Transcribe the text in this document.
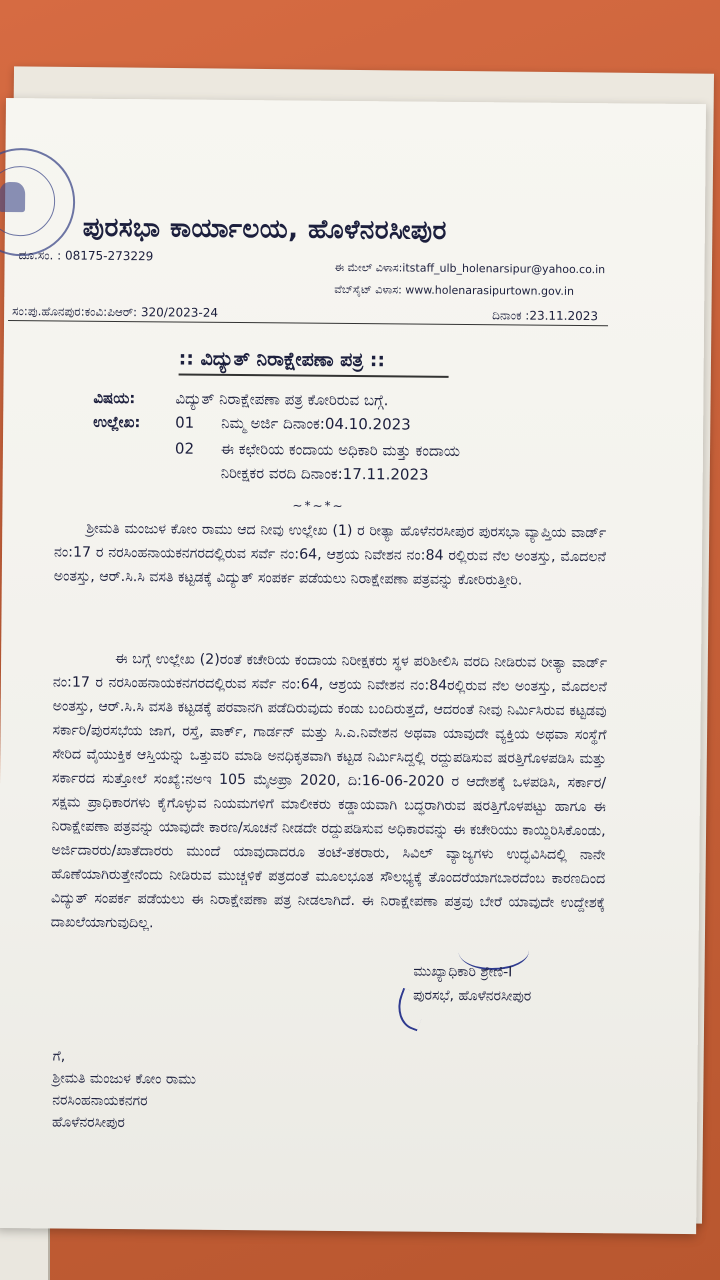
ಪುರಸಭಾ ಕಾರ್ಯಾಲಯ, ಹೊಳೆನರಸೀಪುರ
ದೂ.ಸಂ. : 08175-273229
ಈ ಮೇಲ್ ವಿಳಾಸ:itstaff_ulb_holenarsipur@yahoo.co.in
ವೆಬ್‌ಸೈಟ್ ವಿಳಾಸ: www.holenarasipurtown.gov.in
ಸಂ:ಪು.ಹೊನಪುರ:ಕಂವಿ:ಪಿಆರ್: 320/2023-24	ದಿನಾಂಕ :23.11.2023
:: ವಿದ್ಯುತ್ ನಿರಾಕ್ಷೇಪಣಾ ಪತ್ರ ::
ವಿಷಯ:	ವಿದ್ಯುತ್ ನಿರಾಕ್ಷೇಪಣಾ ಪತ್ರ ಕೋರಿರುವ ಬಗ್ಗೆ.
ಉಲ್ಲೇಖ: 01 ನಿಮ್ಮ ಅರ್ಜಿ ದಿನಾಂಕ:04.10.2023
02 ಈ ಕಛೇರಿಯ ಕಂದಾಯ ಅಧಿಕಾರಿ ಮತ್ತು ಕಂದಾಯ
ನಿರೀಕ್ಷಕರ ವರದಿ ದಿನಾಂಕ:17.11.2023
~*~*~
ಶ್ರೀಮತಿ ಮಂಜುಳ ಕೋಂ ರಾಮು ಆದ ನೀವು ಉಲ್ಲೇಖ (1) ರ ರೀತ್ಯಾ ಹೊಳೆನರಸೀಪುರ ಪುರಸಭಾ ವ್ಯಾಪ್ತಿಯ ವಾರ್ಡ್ ನಂ:17 ರ ನರಸಿಂಹನಾಯಕನಗರದಲ್ಲಿರುವ ಸರ್ವೆ ನಂ:64, ಆಶ್ರಯ ನಿವೇಶನ ನಂ:84 ರಲ್ಲಿರುವ ನೆಲ ಅಂತಸ್ತು, ಮೊದಲನೆ ಅಂತಸ್ತು, ಆರ್.ಸಿ.ಸಿ ವಸತಿ ಕಟ್ಟಡಕ್ಕೆ ವಿದ್ಯುತ್ ಸಂಪರ್ಕ ಪಡೆಯಲು ನಿರಾಕ್ಷೇಪಣಾ ಪತ್ರವನ್ನು ಕೋರಿರುತ್ತೀರಿ.
ಈ ಬಗ್ಗೆ ಉಲ್ಲೇಖ (2)ರಂತೆ ಕಚೇರಿಯ ಕಂದಾಯ ನಿರೀಕ್ಷಕರು ಸ್ಥಳ ಪರಿಶೀಲಿಸಿ ವರದಿ ನೀಡಿರುವ ರೀತ್ಯಾ ವಾರ್ಡ್ ನಂ:17 ರ ನರಸಿಂಹನಾಯಕನಗರದಲ್ಲಿರುವ ಸರ್ವೆ ನಂ:64, ಆಶ್ರಯ ನಿವೇಶನ ನಂ:84ರಲ್ಲಿರುವ ನೆಲ ಅಂತಸ್ತು, ಮೊದಲನೆ ಅಂತಸ್ತು, ಆರ್.ಸಿ.ಸಿ ವಸತಿ ಕಟ್ಟಡಕ್ಕೆ ಪರವಾನಗಿ ಪಡೆದಿರುವುದು ಕಂಡು ಬಂದಿರುತ್ತದೆ, ಆದರಂತೆ ನೀವು ನಿರ್ಮಿಸಿರುವ ಕಟ್ಟಡವು ಸರ್ಕಾರಿ/ಪುರಸಭೆಯ ಜಾಗ, ರಸ್ತೆ, ಪಾರ್ಕ್, ಗಾರ್ಡನ್ ಮತ್ತು ಸಿ.ಎ.ನಿವೇಶನ ಅಥವಾ ಯಾವುದೇ ವ್ಯಕ್ತಿಯ ಅಥವಾ ಸಂಸ್ಥೆಗೆ ಸೇರಿದ ವೈಯುಕ್ತಿಕ ಆಸ್ತಿಯನ್ನು ಒತ್ತುವರಿ ಮಾಡಿ ಅನಧಿಕೃತವಾಗಿ ಕಟ್ಟಡ ನಿರ್ಮಿಸಿದ್ದಲ್ಲಿ ರದ್ದುಪಡಿಸುವ ಷರತ್ತಿಗೊಳಪಡಿಸಿ ಮತ್ತು ಸರ್ಕಾರದ ಸುತ್ತೋಲೆ ಸಂಖ್ಯೆ:ನಅಇ 105 ಮೈಅಪ್ರಾ 2020, ದಿ:16-06-2020 ರ ಆದೇಶಕ್ಕೆ ಒಳಪಡಿಸಿ, ಸರ್ಕಾರ/ಸಕ್ಷಮ ಪ್ರಾಧಿಕಾರಗಳು ಕೈಗೊಳ್ಳುವ ನಿಯಮಗಳಿಗೆ ಮಾಲೀಕರು ಕಡ್ಡಾಯವಾಗಿ ಬದ್ಧರಾಗಿರುವ ಷರತ್ತಿಗೊಳಪಟ್ಟು ಹಾಗೂ ಈ ನಿರಾಕ್ಷೇಪಣಾ ಪತ್ರವನ್ನು ಯಾವುದೇ ಕಾರಣ/ಸೂಚನೆ ನೀಡದೇ ರದ್ದುಪಡಿಸುವ ಅಧಿಕಾರವನ್ನು ಈ ಕಚೇರಿಯು ಕಾಯ್ದಿರಿಸಿಕೊಂಡು, ಅರ್ಜಿದಾರರು/ಖಾತೆದಾರರು ಮುಂದೆ ಯಾವುದಾದರೂ ತಂಟೆ-ತಕರಾರು, ಸಿವಿಲ್ ವ್ಯಾಜ್ಯಗಳು ಉದ್ಭವಿಸಿದಲ್ಲಿ ನಾನೇ ಹೊಣೆಯಾಗಿರುತ್ತೇನೆಂದು ನೀಡಿರುವ ಮುಚ್ಚಳಿಕೆ ಪತ್ರದಂತೆ ಮೂಲಭೂತ ಸೌಲಭ್ಯಕ್ಕೆ ತೊಂದರೆಯಾಗಬಾರದೆಂಬ ಕಾರಣದಿಂದ ವಿದ್ಯುತ್ ಸಂಪರ್ಕ ಪಡೆಯಲು ಈ ನಿರಾಕ್ಷೇಪಣಾ ಪತ್ರ ನೀಡಲಾಗಿದೆ. ಈ ನಿರಾಕ್ಷೇಪಣಾ ಪತ್ರವು ಬೇರೆ ಯಾವುದೇ ಉದ್ದೇಶಕ್ಕೆ ದಾಖಲೆಯಾಗುವುದಿಲ್ಲ.
ಮುಖ್ಯಾಧಿಕಾರಿ ಶ್ರೇಣಿ-I
ಪುರಸಭೆ, ಹೊಳೆನರಸೀಪುರ
ಗೆ,
ಶ್ರೀಮತಿ ಮಂಜುಳ ಕೋಂ ರಾಮು
ನರಸಿಂಹನಾಯಕನಗರ
ಹೊಳೆನರಸೀಪುರ
